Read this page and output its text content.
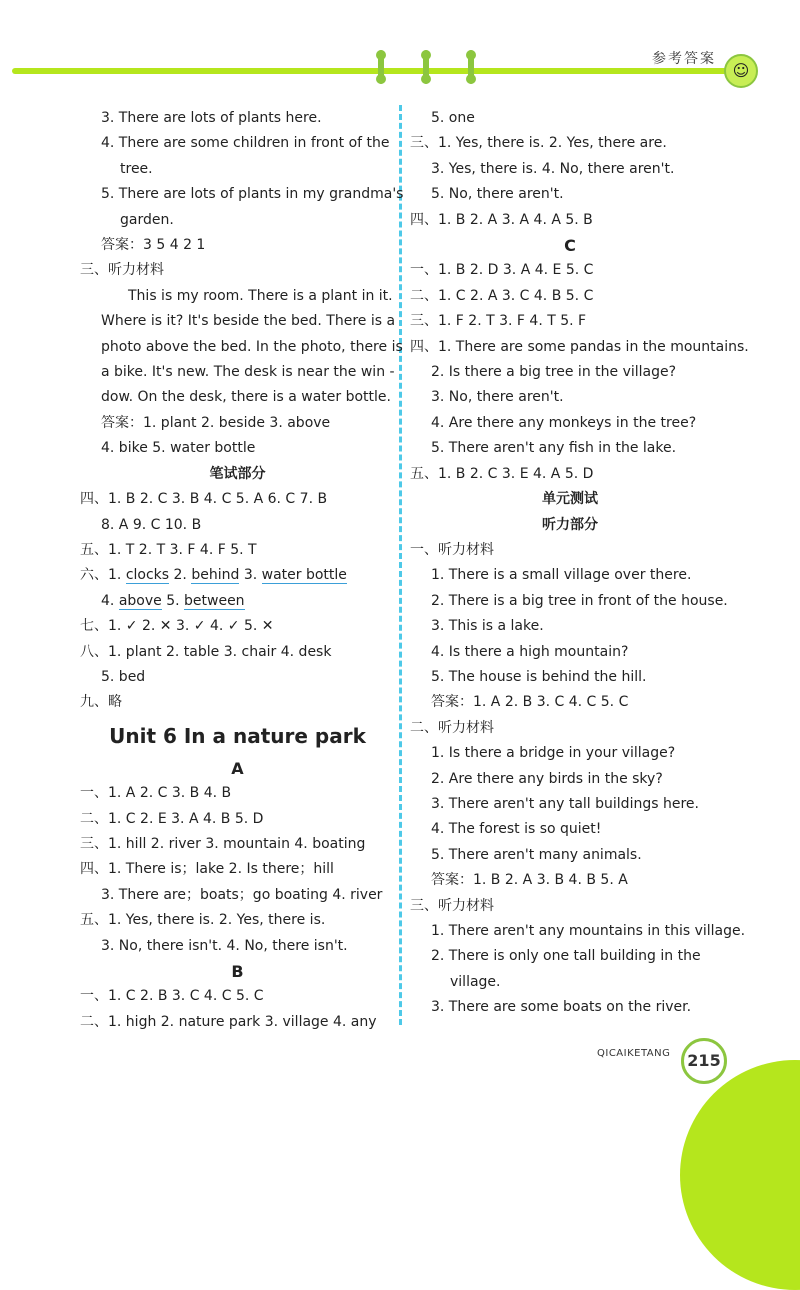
参考答案
☺
3. There are lots of plants here.
4. There are some children in front of the
tree.
5. There are lots of plants in my grandma's
garden.
答案：3 5 4 2 1
三、听力材料
This is my room. There is a plant in it.
Where is it? It's beside the bed. There is a
photo above the bed. In the photo, there is
a bike. It's new. The desk is near the win -
dow. On the desk, there is a water bottle.
答案：1. plant 2. beside 3. above
4. bike 5. water bottle
笔试部分
四、1. B 2. C 3. B 4. C 5. A 6. C 7. B
8. A 9. C 10. B
五、1. T 2. T 3. F 4. F 5. T
六、1. clocks 2. behind 3. water bottle
4. above 5. between
七、1. ✓ 2. ✕ 3. ✓ 4. ✓ 5. ✕
八、1. plant 2. table 3. chair 4. desk
5. bed
九、略
Unit 6 In a nature park
A
一、1. A 2. C 3. B 4. B
二、1. C 2. E 3. A 4. B 5. D
三、1. hill 2. river 3. mountain 4. boating
四、1. There is；lake 2. Is there；hill
3. There are；boats；go boating 4. river
五、1. Yes, there is. 2. Yes, there is.
3. No, there isn't. 4. No, there isn't.
B
一、1. C 2. B 3. C 4. C 5. C
二、1. high 2. nature park 3. village 4. any
5. one
三、1. Yes, there is. 2. Yes, there are.
3. Yes, there is. 4. No, there aren't.
5. No, there aren't.
四、1. B 2. A 3. A 4. A 5. B
C
一、1. B 2. D 3. A 4. E 5. C
二、1. C 2. A 3. C 4. B 5. C
三、1. F 2. T 3. F 4. T 5. F
四、1. There are some pandas in the mountains.
2. Is there a big tree in the village?
3. No, there aren't.
4. Are there any monkeys in the tree?
5. There aren't any fish in the lake.
五、1. B 2. C 3. E 4. A 5. D
单元测试
听力部分
一、听力材料
1. There is a small village over there.
2. There is a big tree in front of the house.
3. This is a lake.
4. Is there a high mountain?
5. The house is behind the hill.
答案：1. A 2. B 3. C 4. C 5. C
二、听力材料
1. Is there a bridge in your village?
2. Are there any birds in the sky?
3. There aren't any tall buildings here.
4. The forest is so quiet!
5. There aren't many animals.
答案：1. B 2. A 3. B 4. B 5. A
三、听力材料
1. There aren't any mountains in this village.
2. There is only one tall building in the
village.
3. There are some boats on the river.
QICAIKETANG	215
